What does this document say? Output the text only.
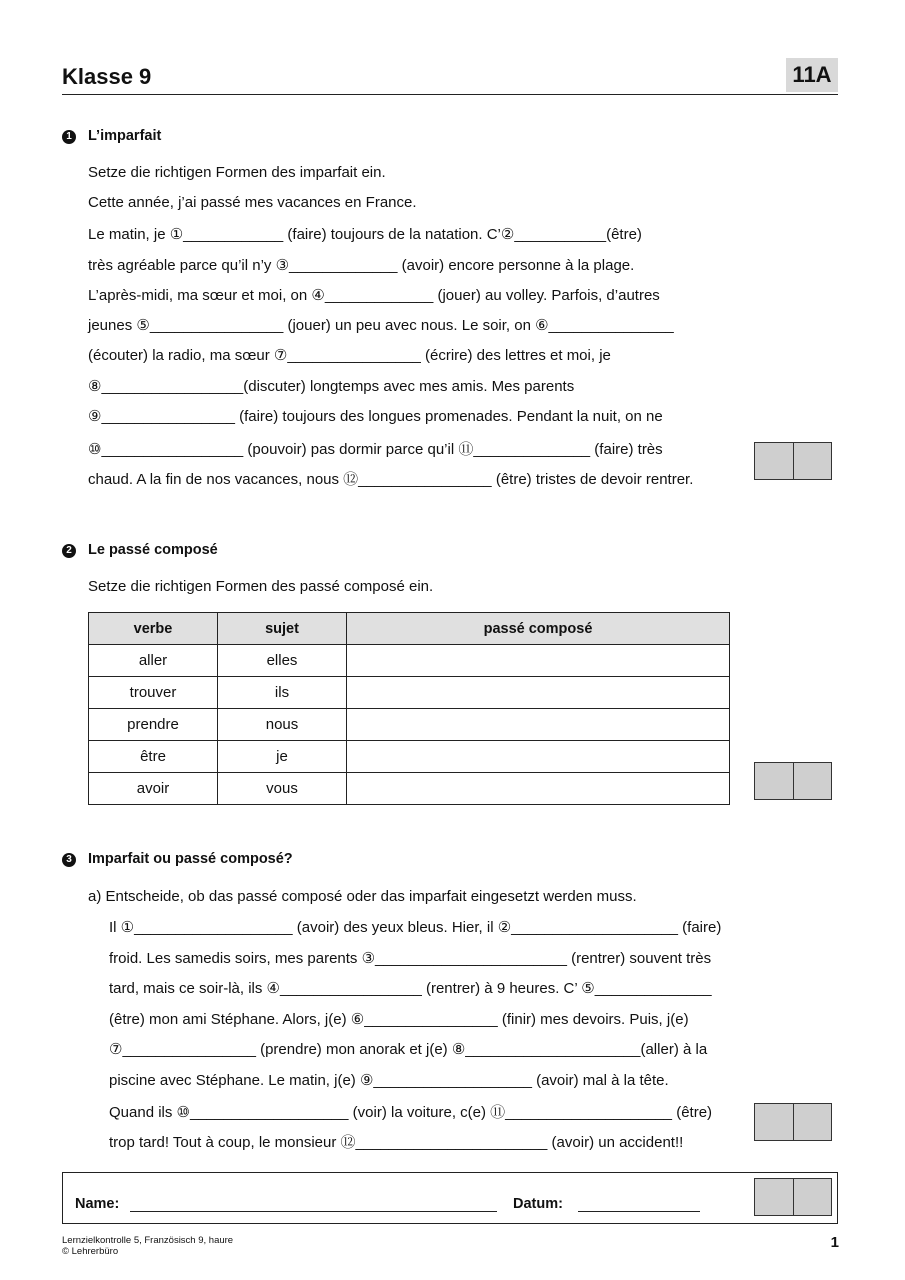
Klasse 9	11A
1 L’imparfait
Setze die richtigen Formen des imparfait ein.
Cette année, j’ai passé mes vacances en France.
Le matin, je ①____________ (faire) toujours de la natation. C’②___________(être)
très agréable parce qu’il n’y ③_____________ (avoir) encore personne à la plage.
L’après-midi, ma sœur et moi, on ④_____________ (jouer) au volley. Parfois, d’autres
jeunes ⑤________________ (jouer) un peu avec nous. Le soir, on ⑥_______________
(écouter) la radio, ma sœur ⑦________________ (écrire) des lettres et moi, je
⑧_________________(discuter) longtemps avec mes amis. Mes parents
⑨________________ (faire) toujours des longues promenades. Pendant la nuit, on ne
⑩_________________ (pouvoir) pas dormir parce qu’il ⑪______________ (faire) très
chaud. A la fin de nos vacances, nous ⑫________________ (être) tristes de devoir rentrer.
2 Le passé composé
Setze die richtigen Formen des passé composé ein.
verbe	sujet	passé composé
aller	elles	
trouver	ils	
prendre	nous	
être	je	
avoir	vous	
3 Imparfait ou passé composé?
a) Entscheide, ob das passé composé oder das imparfait eingesetzt werden muss.
Il ①___________________ (avoir) des yeux bleus. Hier, il ②____________________ (faire)
froid. Les samedis soirs, mes parents ③_______________________ (rentrer) souvent très
tard, mais ce soir-là, ils ④_________________ (rentrer) à 9 heures. C’ ⑤______________
(être) mon ami Stéphane. Alors, j(e) ⑥________________ (finir) mes devoirs. Puis, j(e)
⑦________________ (prendre) mon anorak et j(e) ⑧_____________________(aller) à la
piscine avec Stéphane. Le matin, j(e) ⑨___________________ (avoir) mal à la tête.
Quand ils ⑩___________________ (voir) la voiture, c(e) ⑪____________________ (être)
trop tard! Tout à coup, le monsieur ⑫_______________________ (avoir) un accident!!
Name:	Datum:
Lernzielkontrolle 5, Französisch 9, haure
© Lehrerbüro
1
